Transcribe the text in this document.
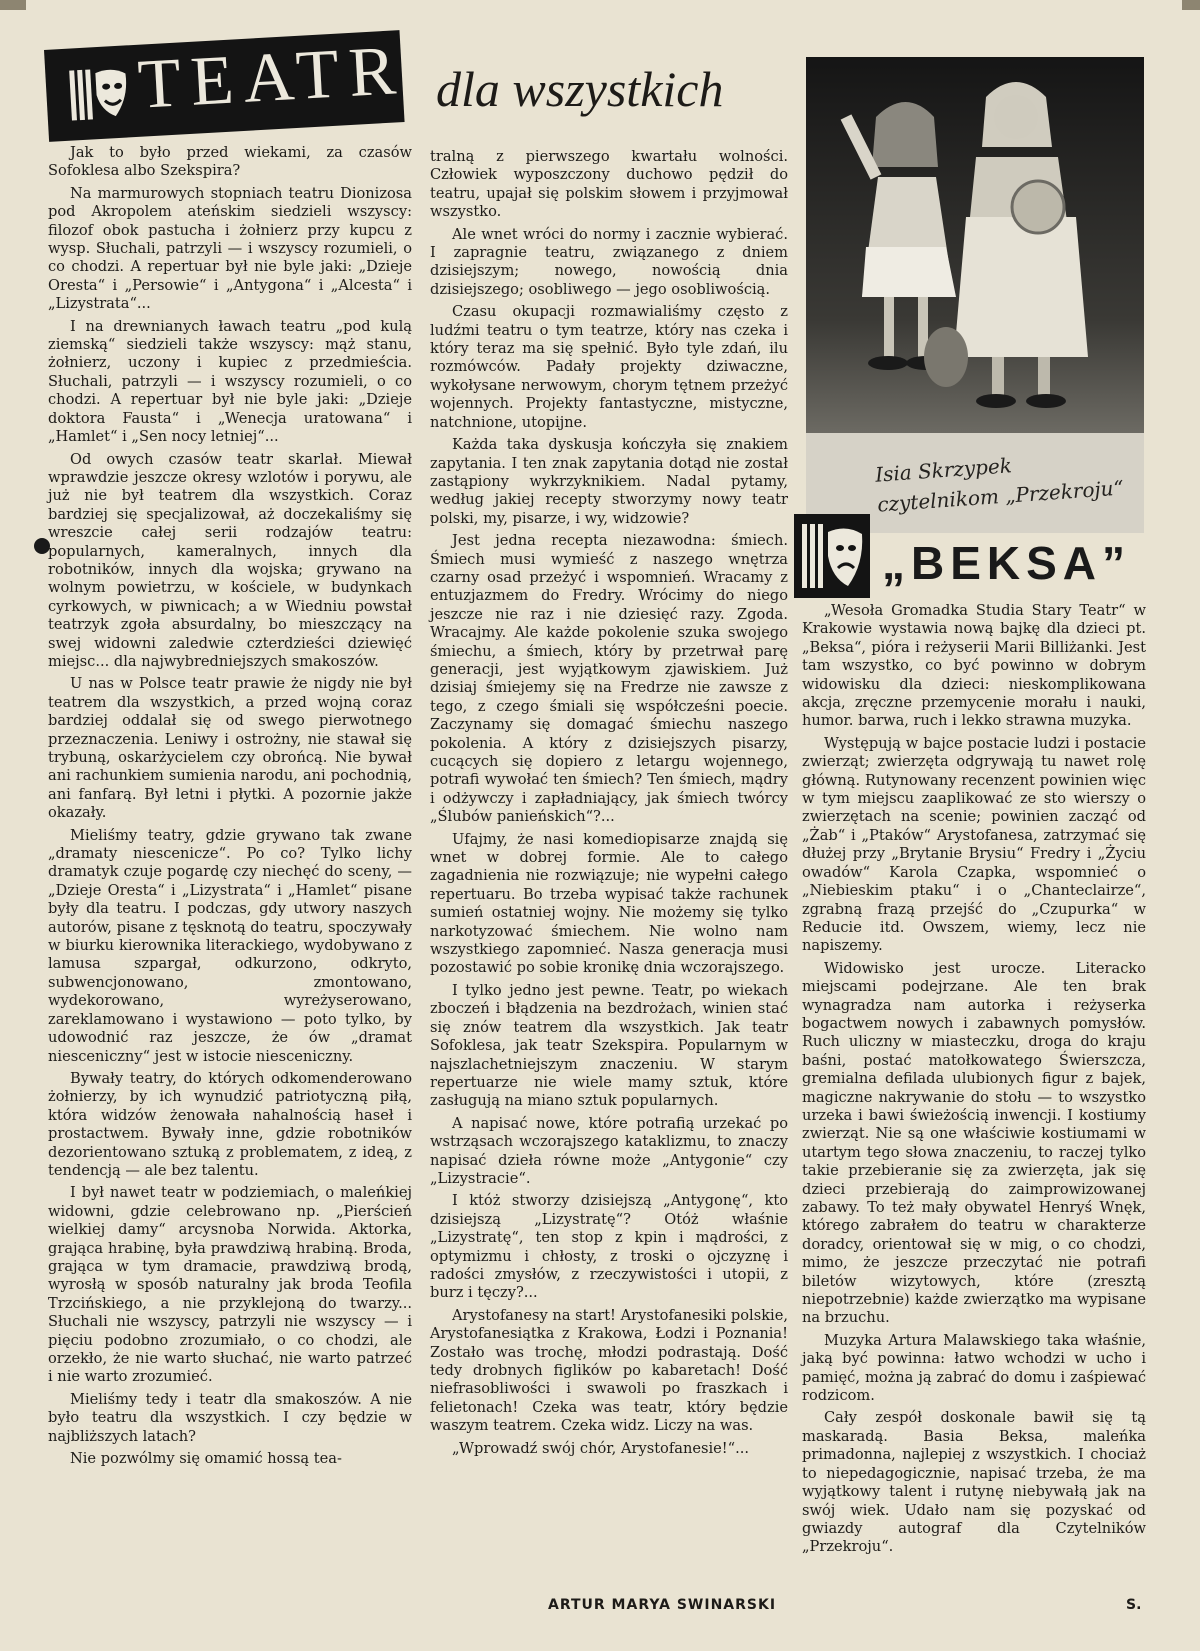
TEATR dla wszystkich

Jak to było przed wiekami, za czasów Sofoklesa albo Szekspira?

Na marmurowych stopniach teatru Dionizosa pod Akropolem ateńskim siedzieli wszyscy: filozof obok pastucha i żołnierz przy kupcu z wysp. Słuchali, patrzyli — i wszyscy rozumieli, o co chodzi. A repertuar był nie byle jaki: „Dzieje Oresta“ i „Persowie“ i „Antygona“ i „Alcesta“ i „Lizystrata“...

I na drewnianych ławach teatru „pod kulą ziemską“ siedzieli także wszyscy: mąż stanu, żołnierz, uczony i kupiec z przedmieścia. Słuchali, patrzyli — i wszyscy rozumieli, o co chodzi. A repertuar był nie byle jaki: „Dzieje doktora Fausta“ i „Wenecja uratowana“ i „Hamlet“ i „Sen nocy letniej“...

Od owych czasów teatr skarlał. Miewał wprawdzie jeszcze okresy wzlotów i porywu, ale już nie był teatrem dla wszystkich. Coraz bardziej się specjalizował, aż doczekaliśmy się wreszcie całej serii rodzajów teatru: popularnych, kameralnych, innych dla robotników, innych dla wojska; grywano na wolnym powietrzu, w kościele, w budynkach cyrkowych, w piwnicach; a w Wiedniu powstał teatrzyk zgoła absurdalny, bo mieszczący na swej widowni zaledwie czterdzieści dziewięć miejsc... dla najwybredniejszych smakoszów.

U nas w Polsce teatr prawie że nigdy nie był teatrem dla wszystkich, a przed wojną coraz bardziej oddalał się od swego pierwotnego przeznaczenia. Leniwy i ostrożny, nie stawał się trybuną, oskarżycielem czy obrońcą. Nie bywał ani rachunkiem sumienia narodu, ani pochodnią, ani fanfarą. Był letni i płytki. A pozornie jakże okazały.

Mieliśmy teatry, gdzie grywano tak zwane „dramaty niescenicze“. Po co? Tylko lichy dramatyk czuje pogardę czy niechęć do sceny, — „Dzieje Oresta“ i „Lizystrata“ i „Hamlet“ pisane były dla teatru. I podczas, gdy utwory naszych autorów, pisane z tęsknotą do teatru, spoczywały w biurku kierownika literackiego, wydobywano z lamusa szpargał, odkurzono, odkryto, subwencjonowano, zmontowano, wydekorowano, wyreżyserowano, zareklamowano i wystawiono — poto tylko, by udowodnić raz jeszcze, że ów „dramat niesceniczny“ jest w istocie niesceniczny.

Bywały teatry, do których odkomenderowano żołnierzy, by ich wynudzić patriotyczną piłą, która widzów żenowała nahalnością haseł i prostactwem. Bywały inne, gdzie robotników dezorientowano sztuką z problematem, z ideą, z tendencją — ale bez talentu.

I był nawet teatr w podziemiach, o maleńkiej widowni, gdzie celebrowano np. „Pierścień wielkiej damy“ arcysnoba Norwida. Aktorka, grająca hrabinę, była prawdziwą hrabiną. Broda, grająca w tym dramacie, prawdziwą brodą, wyrosłą w sposób naturalny jak broda Teofila Trzcińskiego, a nie przyklejoną do twarzy... Słuchali nie wszyscy, patrzyli nie wszyscy — i pięciu podobno zrozumiało, o co chodzi, ale orzekło, że nie warto słuchać, nie warto patrzeć i nie warto zrozumieć.

Mieliśmy tedy i teatr dla smakoszów. A nie było teatru dla wszystkich. I czy będzie w najbliższych latach?

Nie pozwólmy się omamić hossą tea-

tralną z pierwszego kwartału wolności. Człowiek wyposzczony duchowo pędził do teatru, upajał się polskim słowem i przyjmował wszystko.

Ale wnet wróci do normy i zacznie wybierać. I zapragnie teatru, związanego z dniem dzisiejszym; nowego, nowością dnia dzisiejszego; osobliwego — jego osobliwością.

Czasu okupacji rozmawialiśmy często z ludźmi teatru o tym teatrze, który nas czeka i który teraz ma się spełnić. Było tyle zdań, ilu rozmówców. Padały projekty dziwaczne, wykołysane nerwowym, chorym tętnem przeżyć wojennych. Projekty fantastyczne, mistyczne, natchnione, utopijne.

Każda taka dyskusja kończyła się znakiem zapytania. I ten znak zapytania dotąd nie został zastąpiony wykrzyknikiem. Nadal pytamy, według jakiej recepty stworzymy nowy teatr polski, my, pisarze, i wy, widzowie?

Jest jedna recepta niezawodna: śmiech. Śmiech musi wymieść z naszego wnętrza czarny osad przeżyć i wspomnień. Wracamy z entuzjazmem do Fredry. Wrócimy do niego jeszcze nie raz i nie dziesięć razy. Zgoda. Wracajmy. Ale każde pokolenie szuka swojego śmiechu, a śmiech, który by przetrwał parę generacji, jest wyjątkowym zjawiskiem. Już dzisiaj śmiejemy się na Fredrze nie zawsze z tego, z czego śmiali się współcześni poecie. Zaczynamy się domagać śmiechu naszego pokolenia. A który z dzisiejszych pisarzy, cucących się dopiero z letargu wojennego, potrafi wywołać ten śmiech? Ten śmiech, mądry i odżywczy i zapładniający, jak śmiech twórcy „Ślubów panieńskich“?...

Ufajmy, że nasi komediopisarze znajdą się wnet w dobrej formie. Ale to całego zagadnienia nie rozwiązuje; nie wypełni całego repertuaru. Bo trzeba wypisać także rachunek sumień ostatniej wojny. Nie możemy się tylko narkotyzować śmiechem. Nie wolno nam wszystkiego zapomnieć. Nasza generacja musi pozostawić po sobie kronikę dnia wczorajszego.

I tylko jedno jest pewne. Teatr, po wiekach zboczeń i błądzenia na bezdrożach, winien stać się znów teatrem dla wszystkich. Jak teatr Sofoklesa, jak teatr Szekspira. Popularnym w najszlachetniejszym znaczeniu. W starym repertuarze nie wiele mamy sztuk, które zasługują na miano sztuk popularnych.

A napisać nowe, które potrafią urzekać po wstrząsach wczorajszego kataklizmu, to znaczy napisać dzieła równe może „Antygonie“ czy „Lizystracie“.

I któż stworzy dzisiejszą „Antygonę“, kto dzisiejszą „Lizystratę“? Otóż właśnie „Lizystratę“, ten stop z kpin i mądrości, z optymizmu i chłosty, z troski o ojczyznę i radości zmysłów, z rzeczywistości i utopii, z burz i tęczy?...

Arystofanesy na start! Arystofanesiki polskie, Arystofanesiątka z Krakowa, Łodzi i Poznania! Zostało was trochę, młodzi podrastają. Dość tedy drobnych figlików po kabaretach! Dość niefrasobliwości i swawoli po fraszkach i felietonach! Czeka was teatr, który będzie waszym teatrem. Czeka widz. Liczy na was.

„Wprowadź swój chór, Arystofanesie!“...

ARTUR MARYA SWINARSKI
Isia Skrzypek czytelnikom „Przekroju“
„BEKSA”

„Wesoła Gromadka Studia Stary Teatr“ w Krakowie wystawia nową bajkę dla dzieci pt. „Beksa“, pióra i reżyserii Marii Billiżanki. Jest tam wszystko, co być powinno w dobrym widowisku dla dzieci: nieskomplikowana akcja, zręczne przemycenie morału i nauki, humor. barwa, ruch i lekko strawna muzyka.

Występują w bajce postacie ludzi i postacie zwierząt; zwierzęta odgrywają tu nawet rolę główną. Rutynowany recenzent powinien więc w tym miejscu zaaplikować ze sto wierszy o zwierzętach na scenie; powinien zacząć od „Żab“ i „Ptaków“ Arystofanesa, zatrzymać się dłużej przy „Brytanie Brysiu“ Fredry i „Życiu owadów“ Karola Czapka, wspomnieć o „Niebieskim ptaku“ i o „Chanteclairze“, zgrabną frazą przejść do „Czupurka“ w Reducie itd. Owszem, wiemy, lecz nie napiszemy.

Widowisko jest urocze. Literacko miejscami podejrzane. Ale ten brak wynagradza nam autorka i reżyserka bogactwem nowych i zabawnych pomysłów. Ruch uliczny w miasteczku, droga do kraju baśni, postać matołkowatego Świerszcza, gremialna defilada ulubionych figur z bajek, magiczne nakrywanie do stołu — to wszystko urzeka i bawi świeżością inwencji. I kostiumy zwierząt. Nie są one właściwie kostiumami w utartym tego słowa znaczeniu, to raczej tylko takie przebieranie się za zwierzęta, jak się dzieci przebierają do zaimprowizowanej zabawy. To też mały obywatel Henryś Wnęk, którego zabrałem do teatru w charakterze doradcy, orientował się w mig, o co chodzi, mimo, że jeszcze przeczytać nie potrafi biletów wizytowych, które (zresztą niepotrzebnie) każde zwierzątko ma wypisane na brzuchu.

Muzyka Artura Malawskiego taka właśnie, jaką być powinna: łatwo wchodzi w ucho i pamięć, można ją zabrać do domu i zaśpiewać rodzicom.

Cały zespół doskonale bawił się tą maskaradą. Basia Beksa, maleńka primadonna, najlepiej z wszystkich. I chociaż to niepedagogicznie, napisać trzeba, że ma wyjątkowy talent i rutynę niebywałą jak na swój wiek. Udało nam się pozyskać od gwiazdy autograf dla Czytelników „Przekroju“.

S.
